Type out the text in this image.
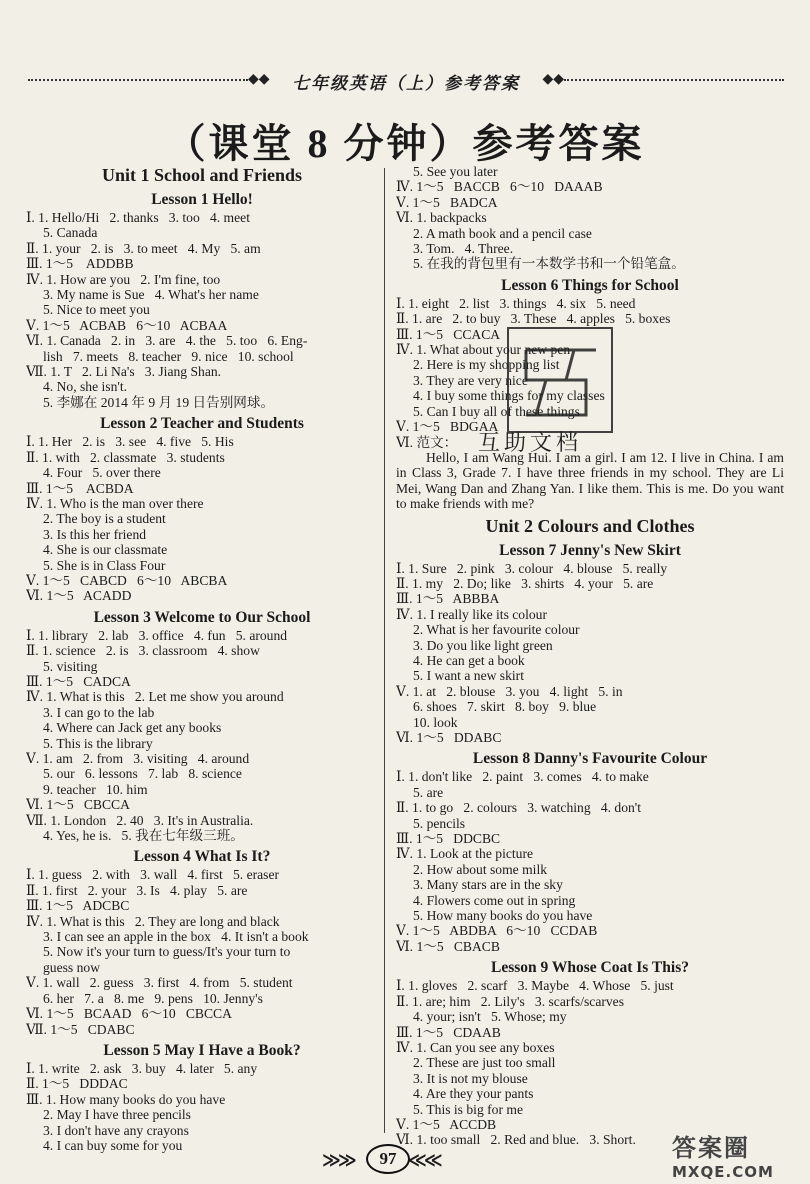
◆◆	七年级英语（上）参考答案	◆◆
（课堂 8 分钟）参考答案
Unit 1 School and Friends
Lesson 1 Hello!
Ⅰ. 1. Hello/Hi   2. thanks   3. too   4. meet
5. Canada
Ⅱ. 1. your   2. is   3. to meet   4. My   5. am
Ⅲ. 1～5    ADDBB
Ⅳ. 1. How are you   2. I'm fine, too
3. My name is Sue   4. What's her name
5. Nice to meet you
Ⅴ. 1～5   ACBAB   6～10   ACBAA
Ⅵ. 1. Canada   2. in   3. are   4. the   5. too   6. Eng-
lish   7. meets   8. teacher   9. nice   10. school
Ⅶ. 1. T   2. Li Na's   3. Jiang Shan.
4. No, she isn't.
5. 李娜在 2014 年 9 月 19 日告别网球。
Lesson 2 Teacher and Students
Ⅰ. 1. Her   2. is   3. see   4. five   5. His
Ⅱ. 1. with   2. classmate   3. students
4. Four   5. over there
Ⅲ. 1～5    ACBDA
Ⅳ. 1. Who is the man over there
2. The boy is a student
3. Is this her friend
4. She is our classmate
5. She is in Class Four
Ⅴ. 1～5   CABCD   6～10   ABCBA
Ⅵ. 1～5   ACADD
Lesson 3 Welcome to Our School
Ⅰ. 1. library   2. lab   3. office   4. fun   5. around
Ⅱ. 1. science   2. is   3. classroom   4. show
5. visiting
Ⅲ. 1～5   CADCA
Ⅳ. 1. What is this   2. Let me show you around
3. I can go to the lab
4. Where can Jack get any books
5. This is the library
Ⅴ. 1. am   2. from   3. visiting   4. around
5. our   6. lessons   7. lab   8. science
9. teacher   10. him
Ⅵ. 1～5   CBCCA
Ⅶ. 1. London   2. 40   3. It's in Australia.
4. Yes, he is.   5. 我在七年级三班。
Lesson 4 What Is It?
Ⅰ. 1. guess   2. with   3. wall   4. first   5. eraser
Ⅱ. 1. first   2. your   3. Is   4. play   5. are
Ⅲ. 1～5   ADCBC
Ⅳ. 1. What is this   2. They are long and black
3. I can see an apple in the box   4. It isn't a book
5. Now it's your turn to guess/It's your turn to
guess now
Ⅴ. 1. wall   2. guess   3. first   4. from   5. student
6. her   7. a   8. me   9. pens   10. Jenny's
Ⅵ. 1～5   BCAAD   6～10   CBCCA
Ⅶ. 1～5   CDABC
Lesson 5 May I Have a Book?
Ⅰ. 1. write   2. ask   3. buy   4. later   5. any
Ⅱ. 1～5   DDDAC
Ⅲ. 1. How many books do you have
2. May I have three pencils
3. I don't have any crayons
4. I can buy some for you
5. See you later
Ⅳ. 1～5   BACCB   6～10   DAAAB
Ⅴ. 1～5   BADCA
Ⅵ. 1. backpacks
2. A math book and a pencil case
3. Tom.   4. Three.
5. 在我的背包里有一本数学书和一个铅笔盒。
Lesson 6 Things for School
Ⅰ. 1. eight   2. list   3. things   4. six   5. need
Ⅱ. 1. are   2. to buy   3. These   4. apples   5. boxes
Ⅲ. 1～5   CCACA
Ⅳ. 1. What about your new pen
2. Here is my shopping list
3. They are very nice
4. I buy some things for my classes
5. Can I buy all of these things
Ⅴ. 1～5   BDGAA
Ⅵ. 范文：
Hello, I am Wang Hui. I am a girl. I am 12. I live in China. I am in Class 3, Grade 7. I have three friends in my school. They are Li Mei, Wang Dan and Zhang Yan. I like them. This is me. Do you want to make friends with me?
Unit 2 Colours and Clothes
Lesson 7 Jenny's New Skirt
Ⅰ. 1. Sure   2. pink   3. colour   4. blouse   5. really
Ⅱ. 1. my   2. Do; like   3. shirts   4. your   5. are
Ⅲ. 1～5   ABBBA
Ⅳ. 1. I really like its colour
2. What is her favourite colour
3. Do you like light green
4. He can get a book
5. I want a new skirt
Ⅴ. 1. at   2. blouse   3. you   4. light   5. in
6. shoes   7. skirt   8. boy   9. blue
10. look
Ⅵ. 1～5   DDABC
Lesson 8 Danny's Favourite Colour
Ⅰ. 1. don't like   2. paint   3. comes   4. to make
5. are
Ⅱ. 1. to go   2. colours   3. watching   4. don't
5. pencils
Ⅲ. 1～5   DDCBC
Ⅳ. 1. Look at the picture
2. How about some milk
3. Many stars are in the sky
4. Flowers come out in spring
5. How many books do you have
Ⅴ. 1～5   ABDBA   6～10   CCDAB
Ⅵ. 1～5   CBACB
Lesson 9 Whose Coat Is This?
Ⅰ. 1. gloves   2. scarf   3. Maybe   4. Whose   5. just
Ⅱ. 1. are; him   2. Lily's   3. scarfs/scarves
4. your; isn't   5. Whose; my
Ⅲ. 1～5   CDAAB
Ⅳ. 1. Can you see any boxes
2. These are just too small
3. It is not my blouse
4. Are they your pants
5. This is big for me
Ⅴ. 1～5   ACCDB
Ⅵ. 1. too small   2. Red and blue.   3. Short.
互助文档
≫≫	97 ≪≪	答案圈
MXQE.COM
